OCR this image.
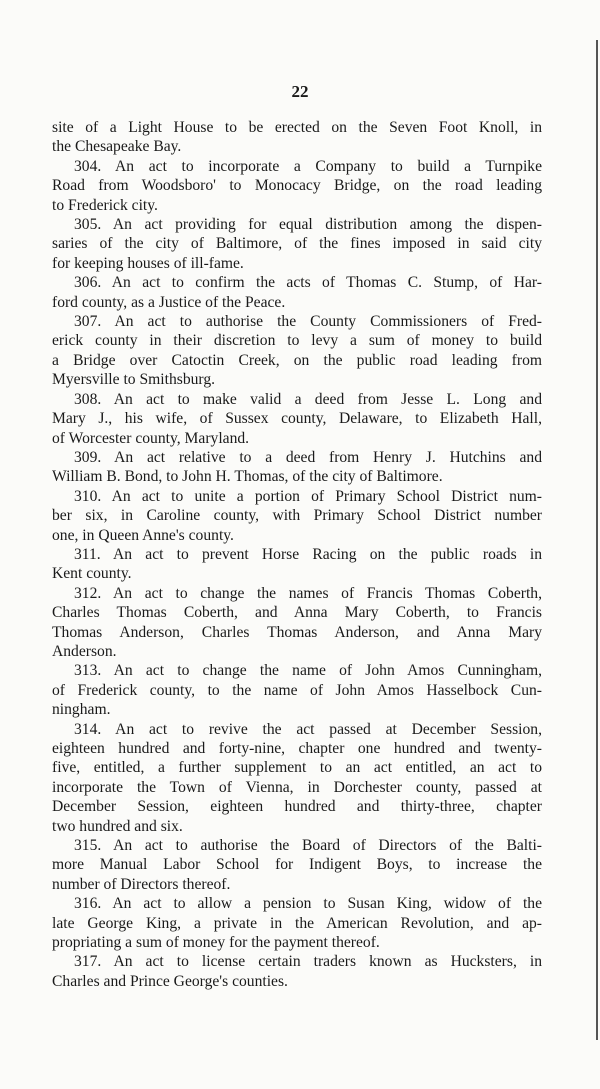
22
site of a Light House to be erected on the Seven Foot Knoll, in
the Chesapeake Bay.
304. An act to incorporate a Company to build a Turnpike
Road from Woodsboro' to Monocacy Bridge, on the road leading
to Frederick city.
305. An act providing for equal distribution among the dispen-
saries of the city of Baltimore, of the fines imposed in said city
for keeping houses of ill-fame.
306. An act to confirm the acts of Thomas C. Stump, of Har-
ford county, as a Justice of the Peace.
307. An act to authorise the County Commissioners of Fred-
erick county in their discretion to levy a sum of money to build
a Bridge over Catoctin Creek, on the public road leading from
Myersville to Smithsburg.
308. An act to make valid a deed from Jesse L. Long and
Mary J., his wife, of Sussex county, Delaware, to Elizabeth Hall,
of Worcester county, Maryland.
309. An act relative to a deed from Henry J. Hutchins and
William B. Bond, to John H. Thomas, of the city of Baltimore.
310. An act to unite a portion of Primary School District num-
ber six, in Caroline county, with Primary School District number
one, in Queen Anne's county.
311. An act to prevent Horse Racing on the public roads in
Kent county.
312. An act to change the names of Francis Thomas Coberth,
Charles Thomas Coberth, and Anna Mary Coberth, to Francis
Thomas Anderson, Charles Thomas Anderson, and Anna Mary
Anderson.
313. An act to change the name of John Amos Cunningham,
of Frederick county, to the name of John Amos Hasselbock Cun-
ningham.
314. An act to revive the act passed at December Session,
eighteen hundred and forty-nine, chapter one hundred and twenty-
five, entitled, a further supplement to an act entitled, an act to
incorporate the Town of Vienna, in Dorchester county, passed at
December Session, eighteen hundred and thirty-three, chapter
two hundred and six.
315. An act to authorise the Board of Directors of the Balti-
more Manual Labor School for Indigent Boys, to increase the
number of Directors thereof.
316. An act to allow a pension to Susan King, widow of the
late George King, a private in the American Revolution, and ap-
propriating a sum of money for the payment thereof.
317. An act to license certain traders known as Hucksters, in
Charles and Prince George's counties.
